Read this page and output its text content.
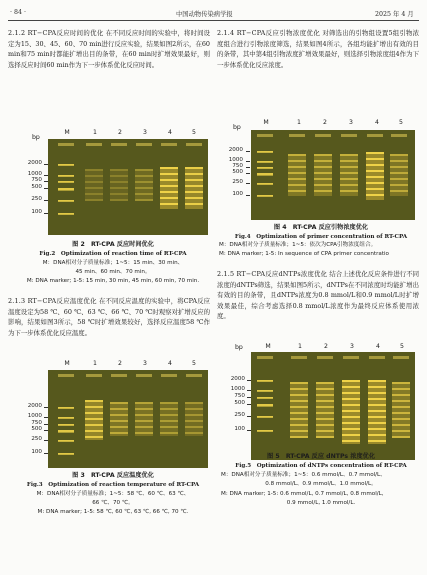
· 84 ·	中国动物传染病学报	2025 年 4 月

2.1.2 RT−CPA反应时间的优化 在不同反应时间的实验中，将时间设定为15、30、45、60、70 min进行反应实验，结果如图2所示，在60 min和75 min时都能扩增出目的条带，在60 min时扩增效果最好，则选择反应时间60 min作为下一步体系优化反应时间。

bp
M	1	2	3	4	5
2000
1000
750
500
250
100
图 2　RT-CPA 反应时间优化
Fig.2　Optimization of reaction time of RT-CPA
M：DNA相对分子质量标准；1~5：15 min、30 min、
45 min、60 min、70 min。
M: DNA marker; 1-5: 15 min, 30 min, 45 min, 60 min, 70 min.

2.1.3 RT−CPA反应温度优化 在不同反应温度的实验中，将CPA反应温度设定为58 ℃、60 ℃、63 ℃、66 ℃、70 ℃时观察对扩增反应的影响，结果如图3所示，58 ℃时扩增效果较好，选择反应温度58 ℃作为下一步体系优化反应温度。

M	1	2	3	4	5
2000
1000
750
500
250
100
图 3　RT-CPA 反应温度优化
Fig.3　Optimization of reaction temperature of RT-CPA
M：DNA相对分子质量标准；1~5：58 ℃、60 ℃、63 ℃、
66 ℃、70 ℃。
M: DNA marker; 1-5: 58 ℃, 60 ℃, 63 ℃, 66 ℃, 70 ℃.

2.1.4 RT−CPA反应引物浓度优化 对筛选出的引物组设置5组引物浓度组合进行引物浓度筛选，结果如图4所示，各组均能扩增出有效的目的条带，其中第4组引物浓度扩增效果最好，则选择引物浓度组4作为下一步体系优化反应浓度。

bp
M	1	2	3	4	5
2000
1000
750
500
250
100
图 4　RT-CPA 反应引物浓度优化
Fig.4　Optimization of primer concentration of RT-CPA
M：DNA相对分子质量标准；1~5：依次为CPA引物浓度组合。
M: DNA marker; 1-5: In sequence of CPA primer concentratio

2.1.5 RT−CPA反应dNTPs浓度优化 结合上述优化反应条件进行不同浓度的dNTPs筛选，结果如图5所示，dNTPs在不同浓度时均能扩增出有效的目的条带，且dNTPs浓度为0.8 mmol/L和0.9 mmol/L时扩增效果最佳，综合考虑选择0.8 mmol/L浓度作为最终反应体系使用浓度。

bp	M	1	2	3	4	5
2000
1000
750
500
250
100
图 5　RT-CPA 反应 dNTPs 浓度优化
Fig.5　Optimization of dNTPs concentration of RT-CPA
M：DNA相对分子质量标准；1~5：0.6 mmol/L、0.7 mmol/L、
0.8 mmol/L、0.9 mmol/L、1.0 mmol/L。
M: DNA marker; 1-5: 0.6 mmol/L, 0.7 mmol/L, 0.8 mmol/L,
0.9 mmol/L, 1.0 mmol/L.
